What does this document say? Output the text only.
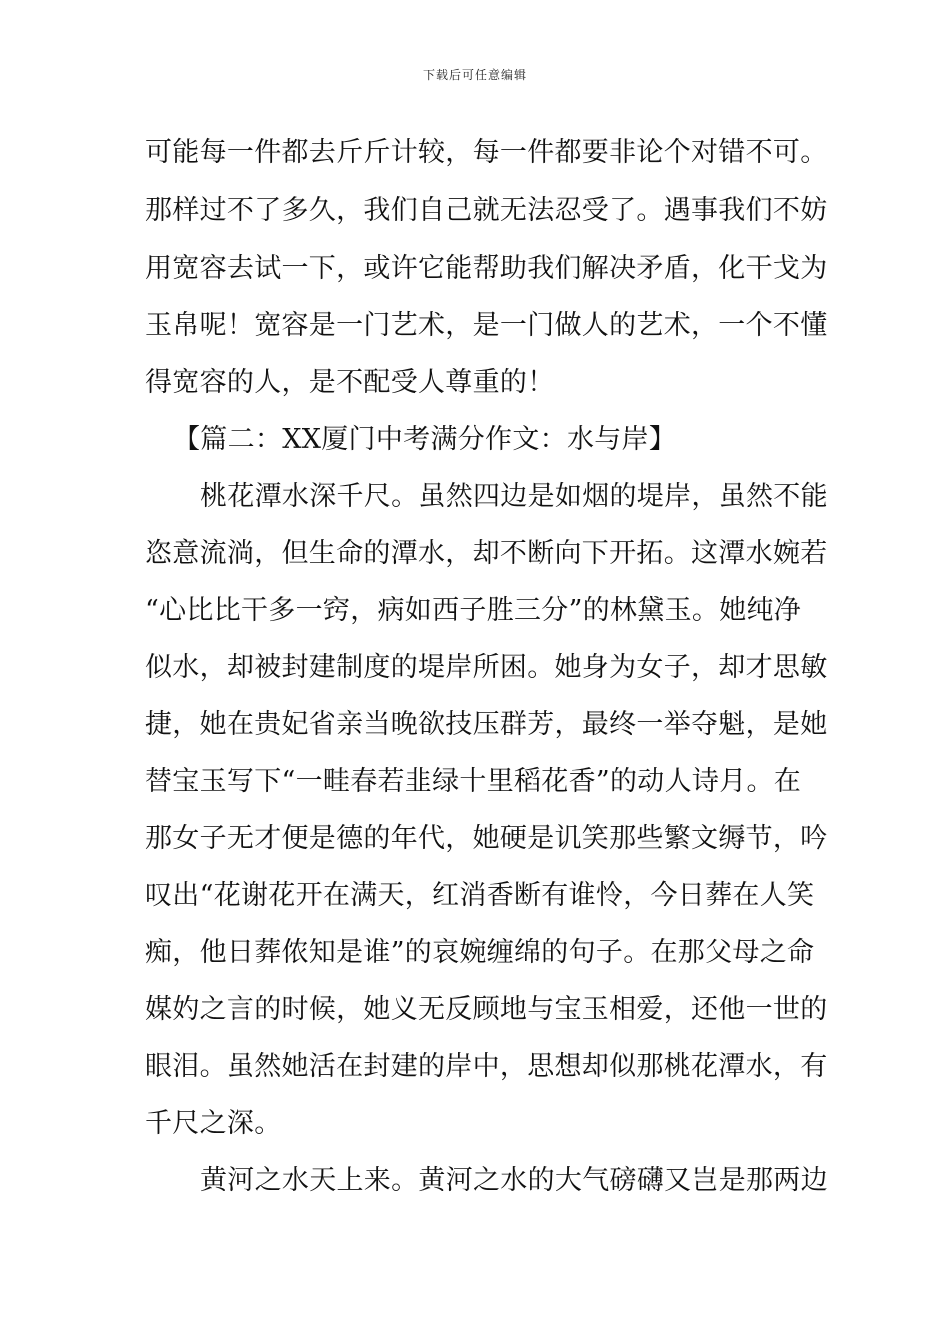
下载后可任意编辑
可能每一件都去斤斤计较，每一件都要非论个对错不可。
那样过不了多久，我们自己就无法忍受了。遇事我们不妨
用宽容去试一下，或许它能帮助我们解决矛盾，化干戈为
玉帛呢！宽容是一门艺术，是一门做人的艺术，一个不懂
得宽容的人，是不配受人尊重的！
【篇二：XX厦门中考满分作文：水与岸】
桃花潭水深千尺。虽然四边是如烟的堤岸，虽然不能
恣意流淌，但生命的潭水，却不断向下开拓。这潭水婉若
“心比比干多一窍，病如西子胜三分”的林黛玉。她纯净
似水，却被封建制度的堤岸所困。她身为女子，却才思敏
捷，她在贵妃省亲当晚欲技压群芳，最终一举夺魁，是她
替宝玉写下“一畦春若韭绿十里稻花香”的动人诗月。在
那女子无才便是德的年代，她硬是讥笑那些繁文缛节，吟
叹出“花谢花开在满天，红消香断有谁怜，今日葬在人笑
痴，他日葬侬知是谁”的哀婉缠绵的句子。在那父母之命
媒妁之言的时候，她义无反顾地与宝玉相爱，还他一世的
眼泪。虽然她活在封建的岸中，思想却似那桃花潭水，有
千尺之深。
黄河之水天上来。黄河之水的大气磅礴又岂是那两边
